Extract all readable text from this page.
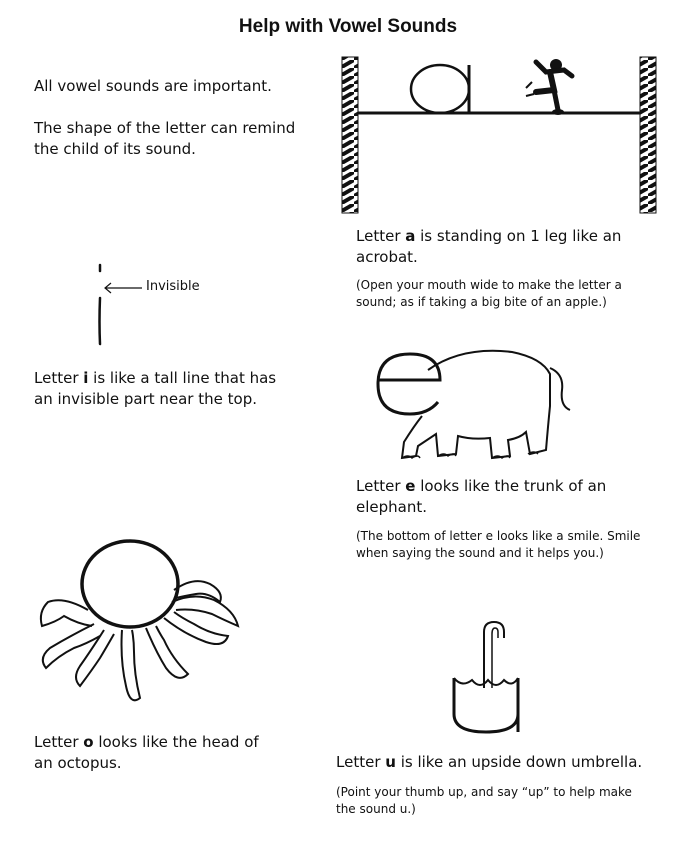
Help with Vowel Sounds
All vowel sounds are important.
The shape of the letter can remind
the child of its sound.
Letter a is standing on 1 leg like an
acrobat.
(Open your mouth wide to make the letter a
sound; as if taking a big bite of an apple.)
Invisible
Letter i is like a tall line that has
an invisible part near the top.
Letter e looks like the trunk of an
elephant.
(The bottom of letter e looks like a smile. Smile
when saying the sound and it helps you.)
Letter o looks like the head of
an octopus.	Letter u is like an upside down umbrella.
(Point your thumb up, and say “up” to help make
the sound u.)
